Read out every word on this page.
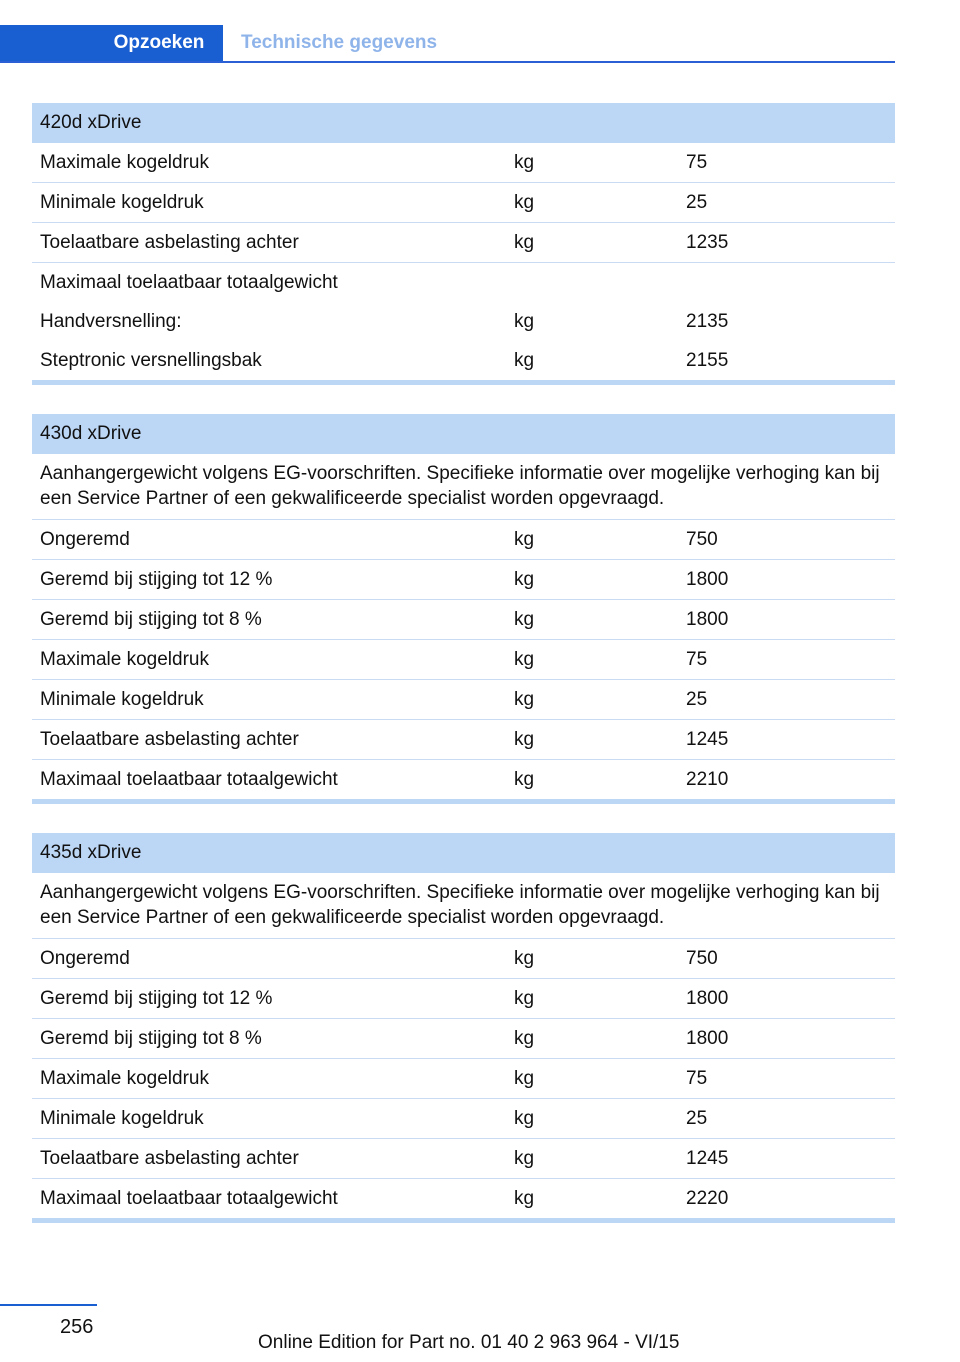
Opzoeken	Technische gegevens
420d xDrive
Maximale kogeldruk	kg	75
Minimale kogeldruk	kg	25
Toelaatbare asbelasting achter	kg	1235
Maximaal toelaatbaar totaalgewicht
Handversnelling:	kg	2135
Steptronic versnellingsbak	kg	2155
430d xDrive
Aanhangergewicht volgens EG-voorschriften. Specifieke informatie over mogelijke verhoging kan bij een Service Partner of een gekwalificeerde specialist worden opgevraagd.
Ongeremd	kg	750
Geremd bij stijging tot 12 %	kg	1800
Geremd bij stijging tot 8 %	kg	1800
Maximale kogeldruk	kg	75
Minimale kogeldruk	kg	25
Toelaatbare asbelasting achter	kg	1245
Maximaal toelaatbaar totaalgewicht	kg	2210
435d xDrive
Aanhangergewicht volgens EG-voorschriften. Specifieke informatie over mogelijke verhoging kan bij een Service Partner of een gekwalificeerde specialist worden opgevraagd.
Ongeremd	kg	750
Geremd bij stijging tot 12 %	kg	1800
Geremd bij stijging tot 8 %	kg	1800
Maximale kogeldruk	kg	75
Minimale kogeldruk	kg	25
Toelaatbare asbelasting achter	kg	1245
Maximaal toelaatbaar totaalgewicht	kg	2220
256
Online Edition for Part no. 01 40 2 963 964 - VI/15
